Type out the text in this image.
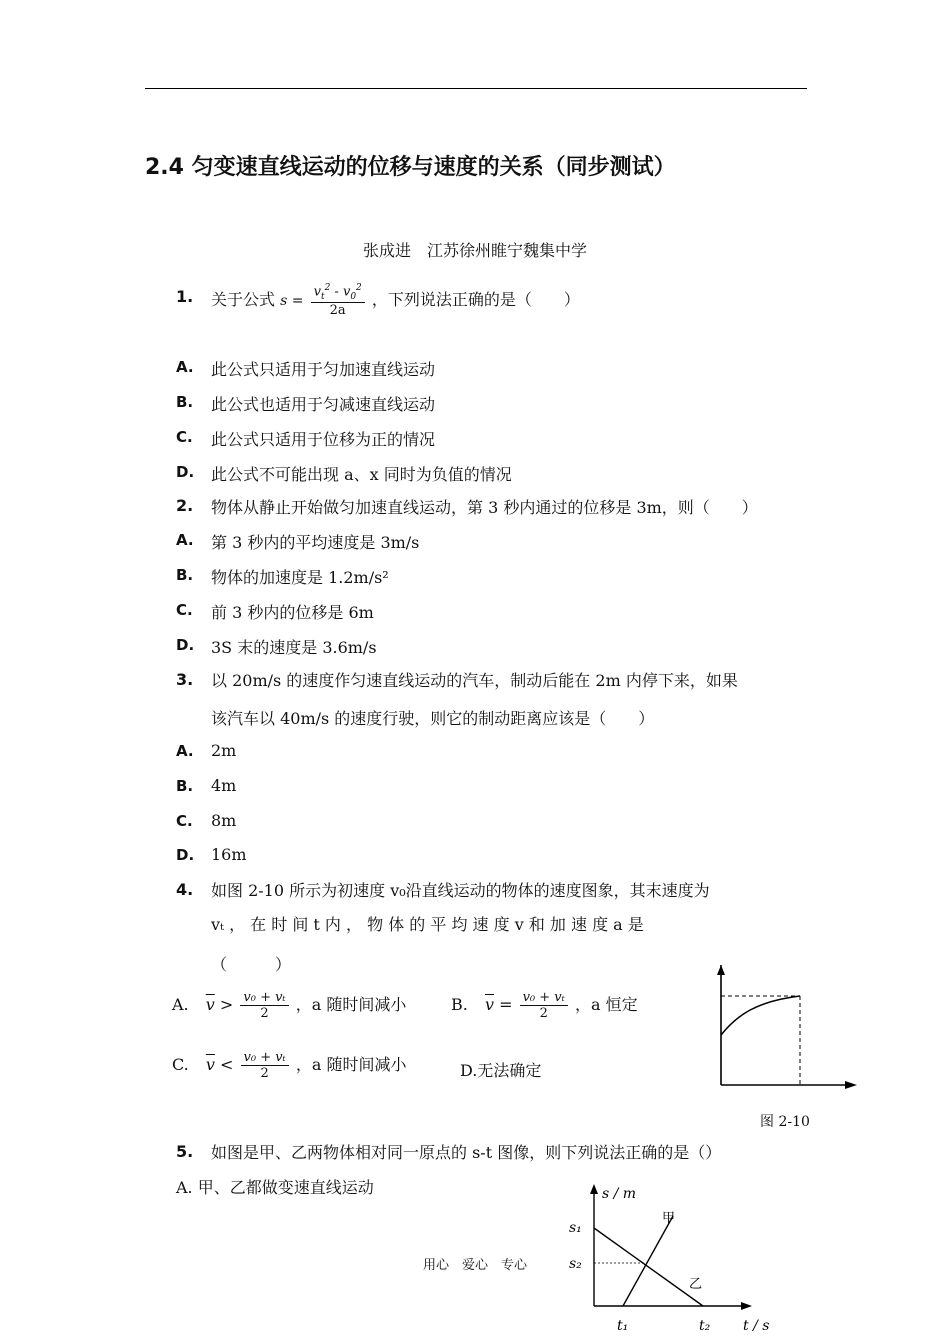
2.4 匀变速直线运动的位移与速度的关系（同步测试）
张成进　江苏徐州睢宁魏集中学
1. 关于公式 $s = \frac{v_t^2 - v_0^2}{2a}$ ，下列说法正确的是（　　）
A. 此公式只适用于匀加速直线运动
B. 此公式也适用于匀减速直线运动
C. 此公式只适用于位移为正的情况
D. 此公式不可能出现 a、x 同时为负值的情况
2. 物体从静止开始做匀加速直线运动，第 3 秒内通过的位移是 3m，则（　　）
A. 第 3 秒内的平均速度是 3m/s
B. 物体的加速度是 1.2m/s²
C. 前 3 秒内的位移是 6m
D. 3S 末的速度是 3.6m/s
3. 以 20m/s 的速度作匀速直线运动的汽车，制动后能在 2m 内停下来，如果
该汽车以 40m/s 的速度行驶，则它的制动距离应该是（　　）
A. 2m
B. 4m
C. 8m
D. 16m
4. 如图 2-10 所示为初速度 v₀沿直线运动的物体的速度图象，其末速度为
vₜ ， 在 时 间 t 内 ， 物 体 的 平 均 速 度 v 和 加 速 度 a 是
（　　　）
A. $\overline{v} > \frac{\text{v₀ + vₜ}}{2}$ ，a 随时间减小	B. $\overline{v} = \frac{\text{v₀ + vₜ}}{2}$ ，a 恒定
C. $\overline{v} < \frac{\text{v₀ + vₜ}}{2}$ ，a 随时间减小	D.无法确定
图 2-10
5. 如图是甲、乙两物体相对同一原点的 s-t 图像，则下列说法正确的是（）
A. 甲、乙都做变速直线运动	s / m
s₁
s₂
甲
乙
t₁	t₂ t / s
用心　爱心　专心
